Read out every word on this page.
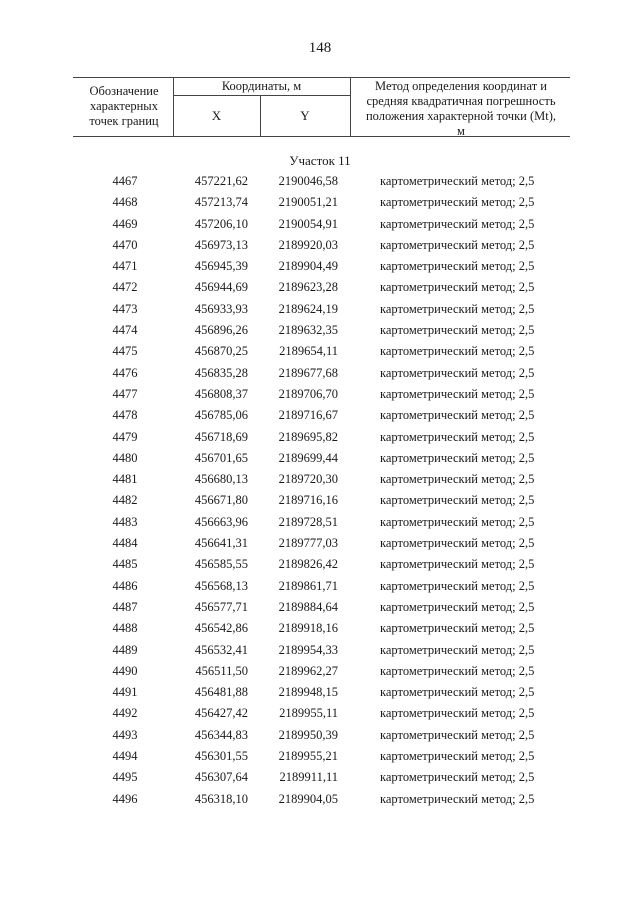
148
Обозначение характерных точек границ
Координаты, м
X	Y
Метод определения координат и средняя квадратичная погрешность положения характерной точки (Mt), м
Участок 11
4467	457221,62	2190046,58	картометрический метод; 2,5
4468	457213,74	2190051,21	картометрический метод; 2,5
4469	457206,10	2190054,91	картометрический метод; 2,5
4470	456973,13	2189920,03	картометрический метод; 2,5
4471	456945,39	2189904,49	картометрический метод; 2,5
4472	456944,69	2189623,28	картометрический метод; 2,5
4473	456933,93	2189624,19	картометрический метод; 2,5
4474	456896,26	2189632,35	картометрический метод; 2,5
4475	456870,25	2189654,11	картометрический метод; 2,5
4476	456835,28	2189677,68	картометрический метод; 2,5
4477	456808,37	2189706,70	картометрический метод; 2,5
4478	456785,06	2189716,67	картометрический метод; 2,5
4479	456718,69	2189695,82	картометрический метод; 2,5
4480	456701,65	2189699,44	картометрический метод; 2,5
4481	456680,13	2189720,30	картометрический метод; 2,5
4482	456671,80	2189716,16	картометрический метод; 2,5
4483	456663,96	2189728,51	картометрический метод; 2,5
4484	456641,31	2189777,03	картометрический метод; 2,5
4485	456585,55	2189826,42	картометрический метод; 2,5
4486	456568,13	2189861,71	картометрический метод; 2,5
4487	456577,71	2189884,64	картометрический метод; 2,5
4488	456542,86	2189918,16	картометрический метод; 2,5
4489	456532,41	2189954,33	картометрический метод; 2,5
4490	456511,50	2189962,27	картометрический метод; 2,5
4491	456481,88	2189948,15	картометрический метод; 2,5
4492	456427,42	2189955,11	картометрический метод; 2,5
4493	456344,83	2189950,39	картометрический метод; 2,5
4494	456301,55	2189955,21	картометрический метод; 2,5
4495	456307,64	2189911,11	картометрический метод; 2,5
4496	456318,10	2189904,05	картометрический метод; 2,5
